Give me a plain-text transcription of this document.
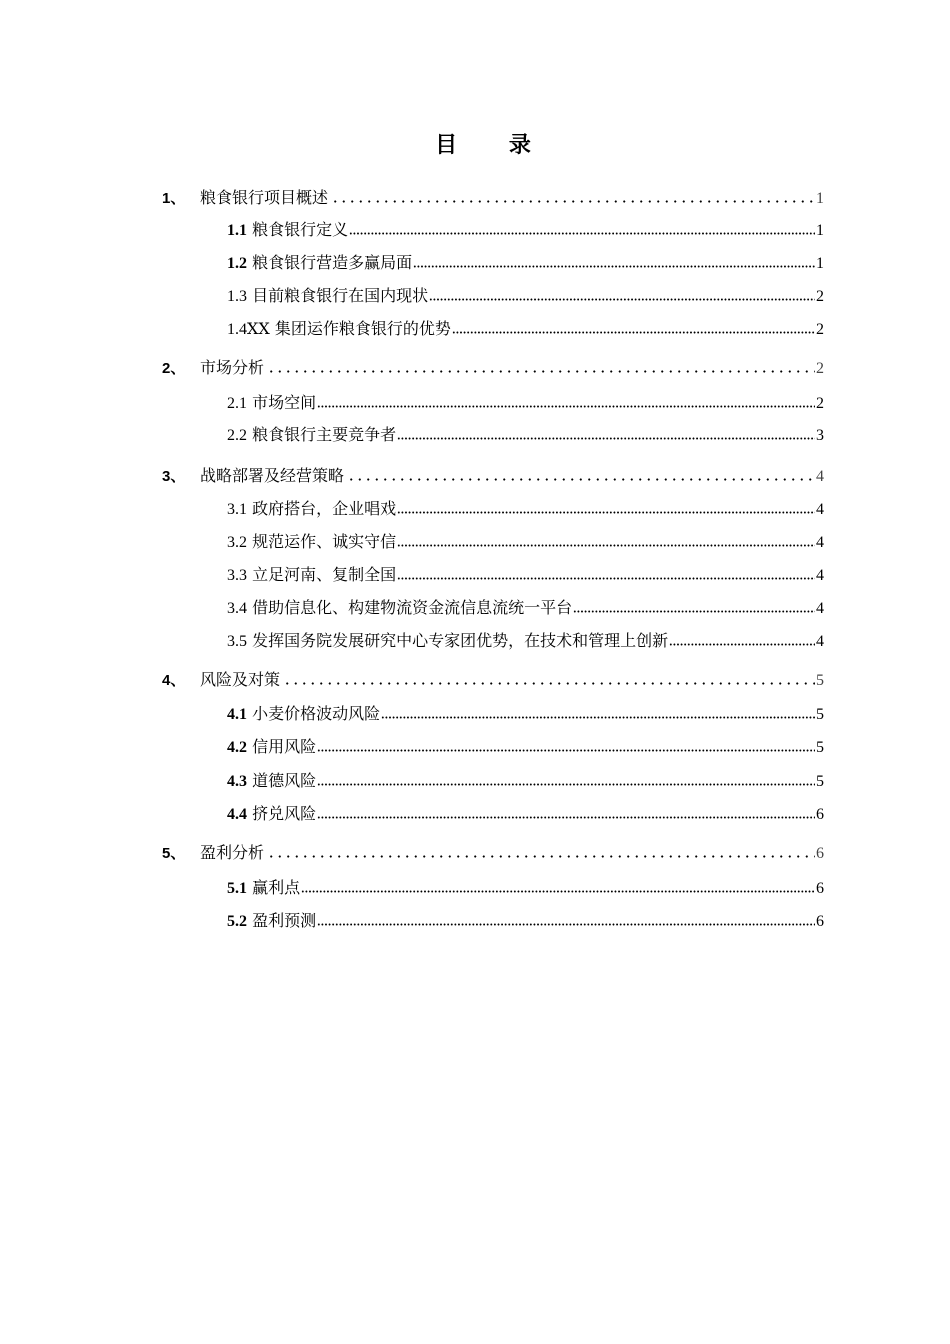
目 录
1、 粮食银行项目概述	1
1.1 粮食银行定义	1
1.2 粮食银行营造多赢局面	1
1.3 目前粮食银行在国内现状	2
1.4 XX 集团运作粮食银行的优势	2
2、 市场分析	2
2.1 市场空间	2
2.2 粮食银行主要竞争者	3
3、 战略部署及经营策略	4
3.1 政府搭台，企业唱戏	4
3.2 规范运作、诚实守信	4
3.3 立足河南、复制全国	4
3.4 借助信息化、构建物流资金流信息流统一平台	4
3.5 发挥国务院发展研究中心专家团优势，在技术和管理上创新	4
4、 风险及对策	5
4.1 小麦价格波动风险	5
4.2 信用风险	5
4.3 道德风险	5
4.4 挤兑风险	6
5、 盈利分析	6
5.1 赢利点	6
5.2 盈利预测	6
